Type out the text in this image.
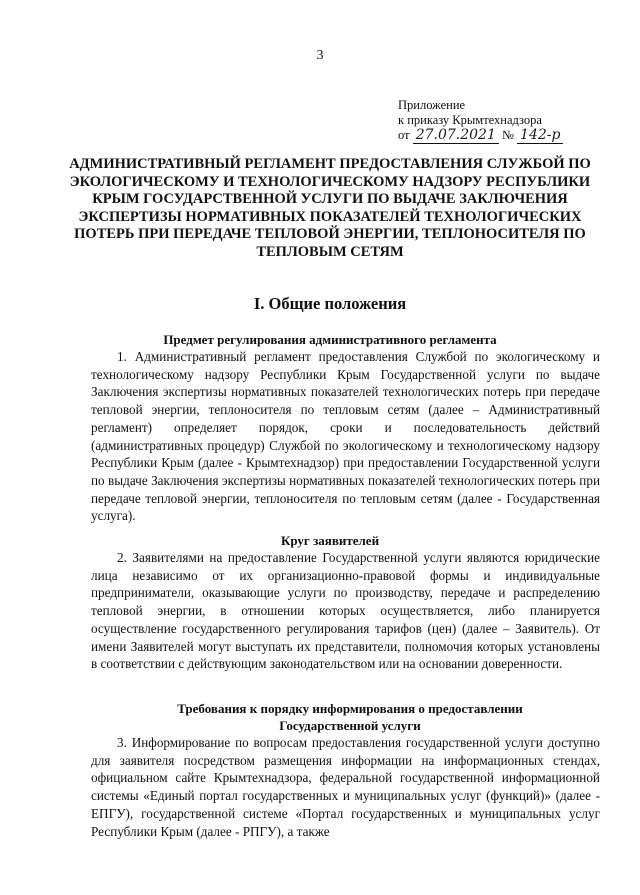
3
Приложение
к приказу Крымтехнадзора
от
27.07.2021
№
142-р
АДМИНИСТРАТИВНЫЙ РЕГЛАМЕНТ ПРЕДОСТАВЛЕНИЯ СЛУЖБОЙ ПО ЭКОЛОГИЧЕСКОМУ И ТЕХНОЛОГИЧЕСКОМУ НАДЗОРУ РЕСПУБЛИКИ КРЫМ ГОСУДАРСТВЕННОЙ УСЛУГИ ПО ВЫДАЧЕ ЗАКЛЮЧЕНИЯ ЭКСПЕРТИЗЫ НОРМАТИВНЫХ ПОКАЗАТЕЛЕЙ ТЕХНОЛОГИЧЕСКИХ ПОТЕРЬ ПРИ ПЕРЕДАЧЕ ТЕПЛОВОЙ ЭНЕРГИИ, ТЕПЛОНОСИТЕЛЯ ПО ТЕПЛОВЫМ СЕТЯМ
I. Общие положения
Предмет регулирования административного регламента

1. Административный регламент предоставления Службой по экологическому и технологическому надзору Республики Крым Государственной услуги по выдаче Заключения экспертизы нормативных показателей технологических потерь при передаче тепловой энергии, теплоносителя по тепловым сетям (далее – Административный регламент) определяет порядок, сроки и последовательность действий (административных процедур) Службой по экологическому и технологическому надзору Республики Крым (далее - Крымтехнадзор) при предоставлении Государственной услуги по выдаче Заключения экспертизы нормативных показателей технологических потерь при передаче тепловой энергии, теплоносителя по тепловым сетям (далее - Государственная услуга).

Круг заявителей

2. Заявителями на предоставление Государственной услуги являются юридические лица независимо от их организационно-правовой формы и индивидуальные предприниматели, оказывающие услуги по производству, передаче и распределению тепловой энергии, в отношении которых осуществляется, либо планируется осуществление государственного регулирования тарифов (цен) (далее – Заявитель). От имени Заявителей могут выступать их представители, полномочия которых установлены в соответствии с действующим законодательством или на основании доверенности.

Требования к порядку информирования о предоставлении Государственной услуги

3. Информирование по вопросам предоставления государственной услуги доступно для заявителя посредством размещения информации на информационных стендах, официальном сайте Крымтехнадзора, федеральной государственной информационной системы «Единый портал государственных и муниципальных услуг (функций)» (далее - ЕПГУ), государственной системе «Портал государственных и муниципальных услуг Республики Крым (далее - РПГУ), а также
